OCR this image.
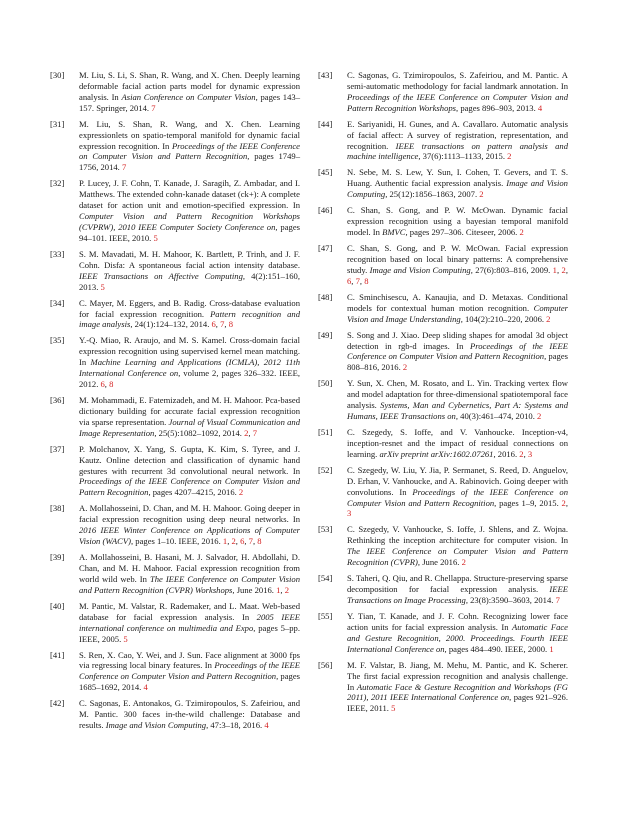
[30] M. Liu, S. Li, S. Shan, R. Wang, and X. Chen. Deeply learning deformable facial action parts model for dynamic expression analysis. In Asian Conference on Computer Vision, pages 143–157. Springer, 2014. 7
[31] M. Liu, S. Shan, R. Wang, and X. Chen. Learning expressionlets on spatio-temporal manifold for dynamic facial expression recognition. In Proceedings of the IEEE Conference on Computer Vision and Pattern Recognition, pages 1749–1756, 2014. 7
[32] P. Lucey, J. F. Cohn, T. Kanade, J. Saragih, Z. Ambadar, and I. Matthews. The extended cohn-kanade dataset (ck+): A complete dataset for action unit and emotion-specified expression. In Computer Vision and Pattern Recognition Workshops (CVPRW), 2010 IEEE Computer Society Conference on, pages 94–101. IEEE, 2010. 5
[33] S. M. Mavadati, M. H. Mahoor, K. Bartlett, P. Trinh, and J. F. Cohn. Disfa: A spontaneous facial action intensity database. IEEE Transactions on Affective Computing, 4(2):151–160, 2013. 5
[34] C. Mayer, M. Eggers, and B. Radig. Cross-database evaluation for facial expression recognition. Pattern recognition and image analysis, 24(1):124–132, 2014. 6, 7, 8
[35] Y.-Q. Miao, R. Araujo, and M. S. Kamel. Cross-domain facial expression recognition using supervised kernel mean matching. In Machine Learning and Applications (ICMLA), 2012 11th International Conference on, volume 2, pages 326–332. IEEE, 2012. 6, 8
[36] M. Mohammadi, E. Fatemizadeh, and M. H. Mahoor. Pca-based dictionary building for accurate facial expression recognition via sparse representation. Journal of Visual Communication and Image Representation, 25(5):1082–1092, 2014. 2, 7
[37] P. Molchanov, X. Yang, S. Gupta, K. Kim, S. Tyree, and J. Kautz. Online detection and classification of dynamic hand gestures with recurrent 3d convolutional neural network. In Proceedings of the IEEE Conference on Computer Vision and Pattern Recognition, pages 4207–4215, 2016. 2
[38] A. Mollahosseini, D. Chan, and M. H. Mahoor. Going deeper in facial expression recognition using deep neural networks. In 2016 IEEE Winter Conference on Applications of Computer Vision (WACV), pages 1–10. IEEE, 2016. 1, 2, 6, 7, 8
[39] A. Mollahosseini, B. Hasani, M. J. Salvador, H. Abdollahi, D. Chan, and M. H. Mahoor. Facial expression recognition from world wild web. In The IEEE Conference on Computer Vision and Pattern Recognition (CVPR) Workshops, June 2016. 1, 2
[40] M. Pantic, M. Valstar, R. Rademaker, and L. Maat. Web-based database for facial expression analysis. In 2005 IEEE international conference on multimedia and Expo, pages 5–pp. IEEE, 2005. 5
[41] S. Ren, X. Cao, Y. Wei, and J. Sun. Face alignment at 3000 fps via regressing local binary features. In Proceedings of the IEEE Conference on Computer Vision and Pattern Recognition, pages 1685–1692, 2014. 4
[42] C. Sagonas, E. Antonakos, G. Tzimiropoulos, S. Zafeiriou, and M. Pantic. 300 faces in-the-wild challenge: Database and results. Image and Vision Computing, 47:3–18, 2016. 4
[43] C. Sagonas, G. Tzimiropoulos, S. Zafeiriou, and M. Pantic. A semi-automatic methodology for facial landmark annotation. In Proceedings of the IEEE Conference on Computer Vision and Pattern Recognition Workshops, pages 896–903, 2013. 4
[44] E. Sariyanidi, H. Gunes, and A. Cavallaro. Automatic analysis of facial affect: A survey of registration, representation, and recognition. IEEE transactions on pattern analysis and machine intelligence, 37(6):1113–1133, 2015. 2
[45] N. Sebe, M. S. Lew, Y. Sun, I. Cohen, T. Gevers, and T. S. Huang. Authentic facial expression analysis. Image and Vision Computing, 25(12):1856–1863, 2007. 2
[46] C. Shan, S. Gong, and P. W. McOwan. Dynamic facial expression recognition using a bayesian temporal manifold model. In BMVC, pages 297–306. Citeseer, 2006. 2
[47] C. Shan, S. Gong, and P. W. McOwan. Facial expression recognition based on local binary patterns: A comprehensive study. Image and Vision Computing, 27(6):803–816, 2009. 1, 2, 6, 7, 8
[48] C. Sminchisescu, A. Kanaujia, and D. Metaxas. Conditional models for contextual human motion recognition. Computer Vision and Image Understanding, 104(2):210–220, 2006. 2
[49] S. Song and J. Xiao. Deep sliding shapes for amodal 3d object detection in rgb-d images. In Proceedings of the IEEE Conference on Computer Vision and Pattern Recognition, pages 808–816, 2016. 2
[50] Y. Sun, X. Chen, M. Rosato, and L. Yin. Tracking vertex flow and model adaptation for three-dimensional spatiotemporal face analysis. Systems, Man and Cybernetics, Part A: Systems and Humans, IEEE Transactions on, 40(3):461–474, 2010. 2
[51] C. Szegedy, S. Ioffe, and V. Vanhoucke. Inception-v4, inception-resnet and the impact of residual connections on learning. arXiv preprint arXiv:1602.07261, 2016. 2, 3
[52] C. Szegedy, W. Liu, Y. Jia, P. Sermanet, S. Reed, D. Anguelov, D. Erhan, V. Vanhoucke, and A. Rabinovich. Going deeper with convolutions. In Proceedings of the IEEE Conference on Computer Vision and Pattern Recognition, pages 1–9, 2015. 2, 3
[53] C. Szegedy, V. Vanhoucke, S. Ioffe, J. Shlens, and Z. Wojna. Rethinking the inception architecture for computer vision. In The IEEE Conference on Computer Vision and Pattern Recognition (CVPR), June 2016. 2
[54] S. Taheri, Q. Qiu, and R. Chellappa. Structure-preserving sparse decomposition for facial expression analysis. IEEE Transactions on Image Processing, 23(8):3590–3603, 2014. 7
[55] Y. Tian, T. Kanade, and J. F. Cohn. Recognizing lower face action units for facial expression analysis. In Automatic Face and Gesture Recognition, 2000. Proceedings. Fourth IEEE International Conference on, pages 484–490. IEEE, 2000. 1
[56] M. F. Valstar, B. Jiang, M. Mehu, M. Pantic, and K. Scherer. The first facial expression recognition and analysis challenge. In Automatic Face & Gesture Recognition and Workshops (FG 2011), 2011 IEEE International Conference on, pages 921–926. IEEE, 2011. 5
